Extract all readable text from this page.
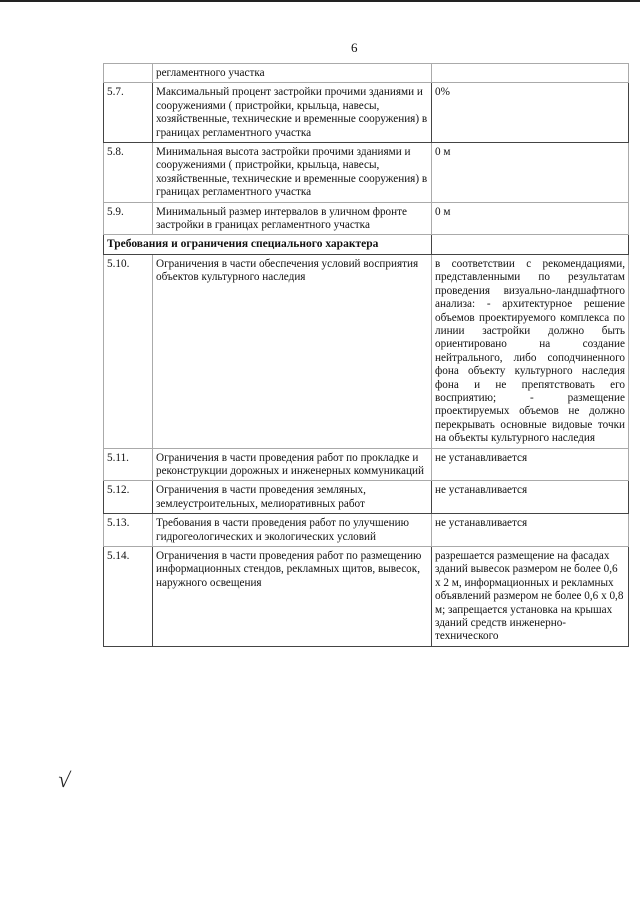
6
	регламентного участка	
5.7.	Максимальный процент застройки прочими зданиями и сооружениями ( пристройки, крыльца, навесы, хозяйственные, технические и временные сооружения) в границах регламентного участка	0%
5.8.	Минимальная высота застройки прочими зданиями и сооружениями ( пристройки, крыльца, навесы, хозяйственные, технические и временные сооружения) в границах регламентного участка	0 м
5.9.	Минимальный размер интервалов в уличном фронте застройки в границах регламентного участка	0 м
Требования и ограничения специального характера		
5.10.	Ограничения в части обеспечения условий восприятия объектов культурного наследия	в соответствии с рекомендациями, представленными по результатам проведения визуально-ландшафтного анализа: - архитектурное решение объемов проектируемого комплекса по линии застройки должно быть ориентировано на создание нейтрального, либо соподчиненного фона объекту культурного наследия фона и не препятствовать его восприятию; - размещение проектируемых объемов не должно перекрывать основные видовые точки на объекты культурного наследия
5.11.	Ограничения в части проведения работ по прокладке и реконструкции дорожных и инженерных коммуникаций	не устанавливается
5.12.	Ограничения в части проведения земляных, землеустроительных, мелиоративных работ	не устанавливается
5.13.	Требования в части проведения работ по улучшению гидрогеологических и экологических условий	не устанавливается
5.14.	Ограничения в части проведения работ по размещению информационных стендов, рекламных щитов, вывесок, наружного освещения	разрешается размещение на фасадах зданий вывесок размером не более 0,6 х 2 м, информационных и рекламных объявлений размером не более 0,6 х 0,8 м; запрещается установка на крышах зданий средств инженерно-технического
√
